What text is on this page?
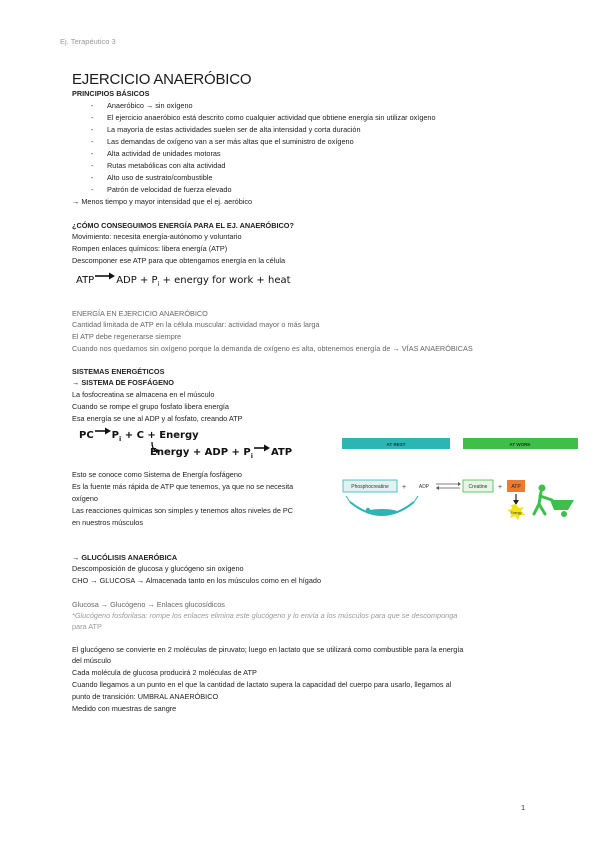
Ej. Terapéutico 3
EJERCICIO ANAERÓBICO
PRINCIPIOS BÁSICOS
- Anaeróbico → sin oxígeno
- El ejercicio anaeróbico está descrito como cualquier actividad que obtiene energía sin utilizar oxígeno
- La mayoría de estas actividades suelen ser de alta intensidad y corta duración
- Las demandas de oxígeno van a ser más altas que el suministro de oxígeno
- Alta actividad de unidades motoras
- Rutas metabólicas con alta actividad
- Alto uso de sustrato/combustible
- Patrón de velocidad de fuerza elevado
→ Menos tiempo y mayor intensidad que el ej. aeróbico
¿CÓMO CONSEGUIMOS ENERGÍA PARA EL EJ. ANAERÓBICO?
Movimiento: necesita energía-autónomo y voluntario
Rompen enlaces químicos: libera energía (ATP)
Descomponer ese ATP para que obtengamos energía en la célula
ATP ADP + $P_i$ + energy for work + heat
ENERGÍA EN EJERCICIO ANAERÓBICO
Cantidad limitada de ATP en la célula muscular: actividad mayor o más larga
El ATP debe regenerarse siempre
Cuando nos quedamos sin oxígeno porque la demanda de oxígeno es alta, obtenemos energía de → VÍAS ANAERÓBICAS
SISTEMAS ENERGÉTICOS
→ SISTEMA DE FOSFÁGENO
La fosfocreatina se almacena en el músculo
Cuando se rompe el grupo fosfato libera energía
Esa energía se une al ADP y al fosfato, creando ATP
PC $P_i + C$ + Energy
Energy + ADP + $P_i$ ATP
Esto se conoce como Sistema de Energía fosfágeno
Es la fuente más rápida de ATP que tenemos, ya que no se necesita
oxígeno
Las reacciones químicas son simples y tenemos altos niveles de PC
en nuestros músculos
AT REST	AT WORK
Phosphocreatine +	ADP	Creatine + ATP
Energy
→ GLUCÓLISIS ANAERÓBICA
Descomposición de glucosa y glucógeno sin oxígeno
CHO → GLUCOSA → Almacenada tanto en los músculos como en el hígado
Glucosa → Glucógeno → Enlaces glucosídicos
*Glucógeno fosforilasa: rompe los enlaces elimina este glucógeno y lo envía a los músculos para que se descomponga
para ATP
El glucógeno se convierte en 2 moléculas de piruvato; luego en lactato que se utilizará como combustible para la energía
del músculo
Cada molécula de glucosa producirá 2 moléculas de ATP
Cuando llegamos a un punto en el que la cantidad de lactato supera la capacidad del cuerpo para usarlo, llegamos al
punto de transición: UMBRAL ANAERÓBICO
Medido con muestras de sangre
1
